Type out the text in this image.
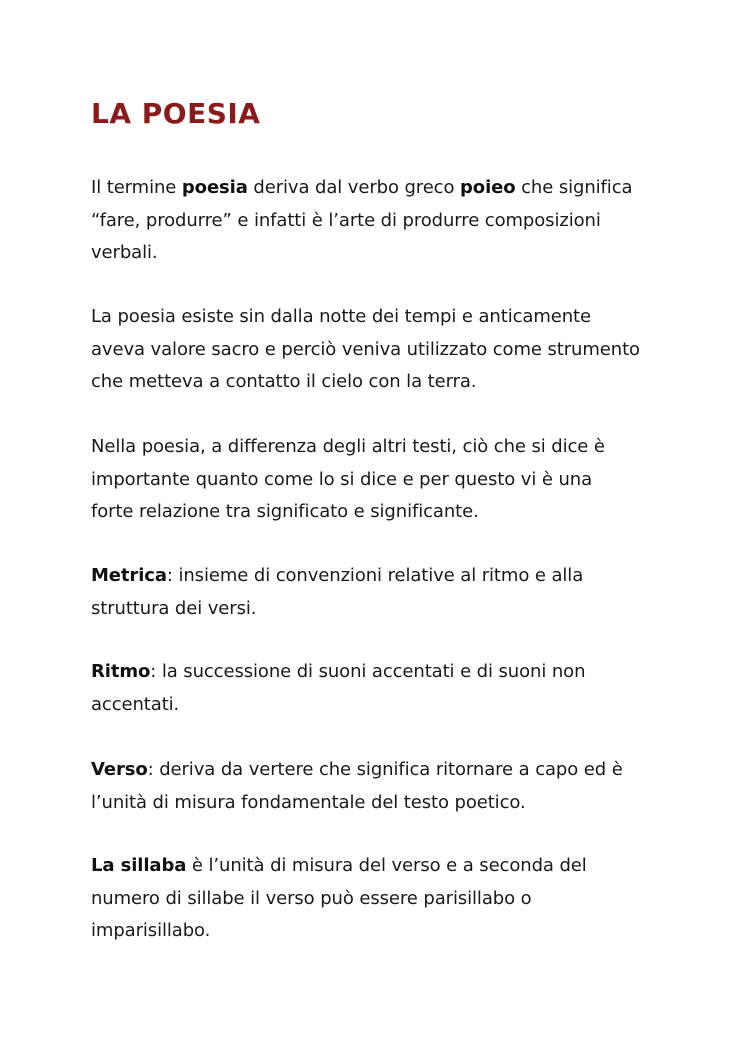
LA POESIA

Il termine poesia deriva dal verbo greco poieo che significa
“fare, produrre” e infatti è l’arte di produrre composizioni
verbali.

La poesia esiste sin dalla notte dei tempi e anticamente
aveva valore sacro e perciò veniva utilizzato come strumento
che metteva a contatto il cielo con la terra.

Nella poesia, a differenza degli altri testi, ciò che si dice è
importante quanto come lo si dice e per questo vi è una
forte relazione tra significato e significante.

Metrica: insieme di convenzioni relative al ritmo e alla
struttura dei versi.

Ritmo: la successione di suoni accentati e di suoni non
accentati.

Verso: deriva da vertere che significa ritornare a capo ed è
l’unità di misura fondamentale del testo poetico.

La sillaba è l’unità di misura del verso e a seconda del
numero di sillabe il verso può essere parisillabo o
imparisillabo.
